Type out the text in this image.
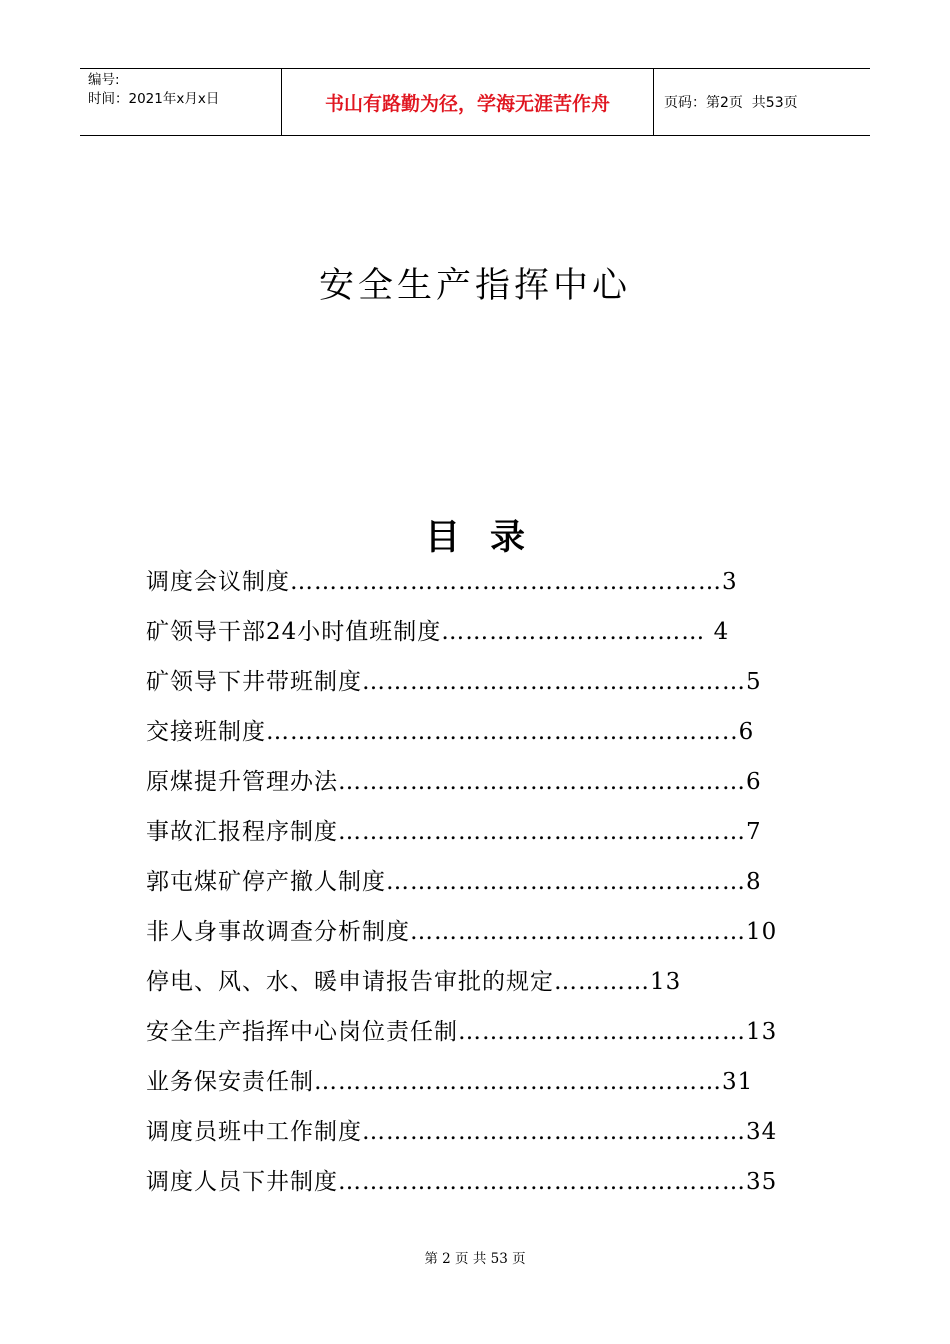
编号:
时间：2021年x月x日	书山有路勤为径，学海无涯苦作舟	页码：第2页  共53页
安全生产指挥中心
目录
调度会议制度………………………………………………3
矿领导干部24小时值班制度…………………………… 4
矿领导下井带班制度…………………………………………5
交接班制度…………………………………………………..6
原煤提升管理办法……………………………………………6
事故汇报程序制度……………………………………………7
郭屯煤矿停产撤人制度………………………………………8
非人身事故调查分析制度……………………………………10
停电、风、水、暖申请报告审批的规定…………13
安全生产指挥中心岗位责任制………………………………13
业务保安责任制……………………………………………31
调度员班中工作制度…………………………………………34
调度人员下井制度……………………………………………35
第 2 页 共 53 页
